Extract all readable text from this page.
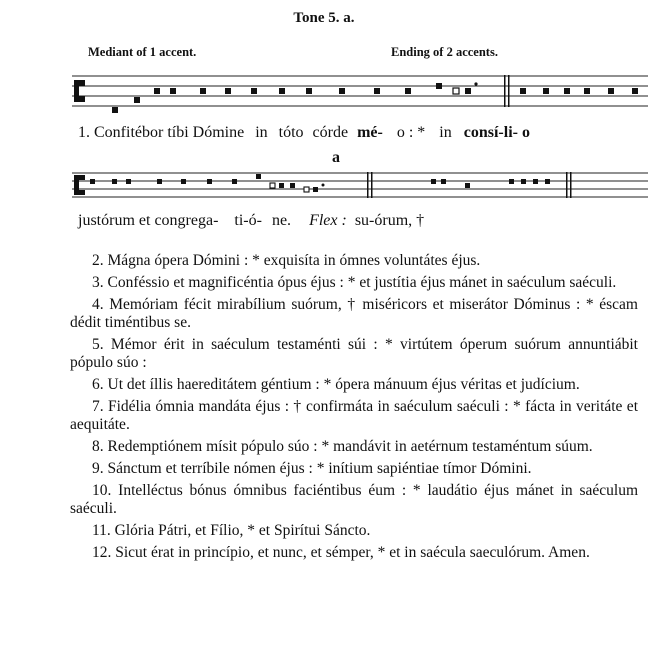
Tone 5. a.
Mediant of 1 accent.	Ending of 2 accents.
1. Confitébor tíbi Dómine in tóto córde mé- o : * in consí-li- o
a
justórum et congrega- ti-ó- ne. Flex : su-órum, †

2. Mágna ópera Dómini : * exquisíta in ómnes voluntátes éjus.

3. Conféssio et magnificéntia ópus éjus : * et justítia éjus mánet in saéculum saéculi.

4. Memóriam fécit mirabílium suórum, † miséricors et miserátor Dóminus : * éscam dédit timéntibus se.

5. Mémor érit in saéculum testaménti súi : * virtútem óperum suórum annuntiábit pópulo súo :

6. Ut det íllis haereditátem géntium : * ópera mánuum éjus véritas et judícium.

7. Fidélia ómnia mandáta éjus : † confirmáta in saéculum saéculi : * fácta in veritáte et aequitáte.

8. Redemptiónem mísit pópulo súo : * mandávit in aetérnum testaméntum súum.

9. Sánctum et terríbile nómen éjus : * inítium sapiéntiae tímor Dómini.

10. Intelléctus bónus ómnibus faciéntibus éum : * laudátio éjus mánet in saéculum saéculi.

11. Glória Pátri, et Fílio, * et Spirítui Sáncto.

12. Sicut érat in princípio, et nunc, et sémper, * et in saécula saeculórum. Amen.
